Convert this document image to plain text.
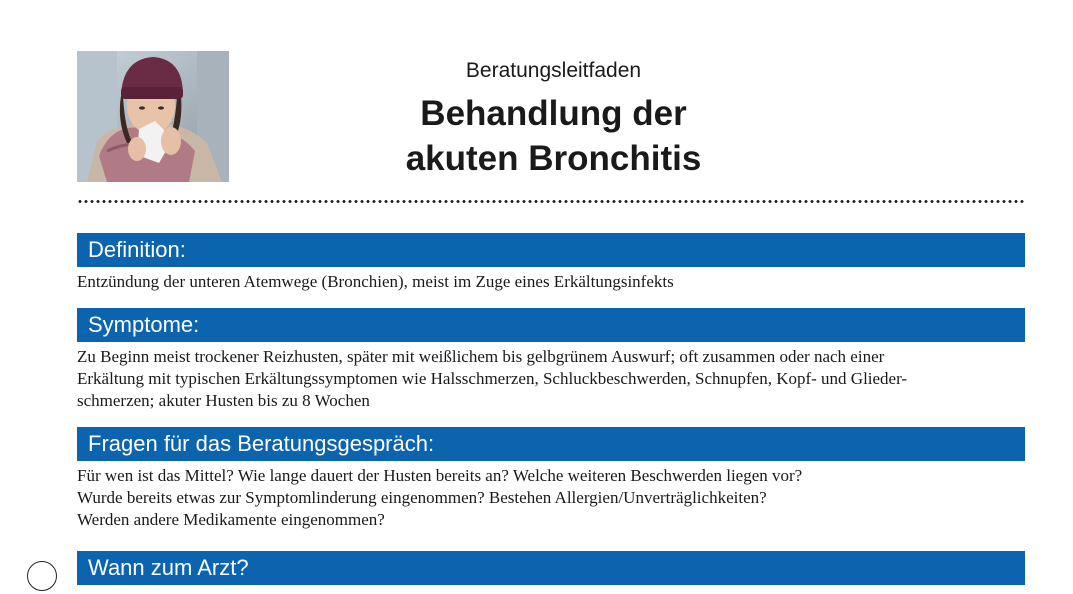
Beratungsleitfaden
Behandlung der
akuten Bronchitis
Definition:

Entzündung der unteren Atemwege (Bronchien), meist im Zuge eines Erkältungsinfekts

Symptome:

Zu Beginn meist trockener Reizhusten, später mit weißlichem bis gelbgrünem Auswurf; oft zusammen oder nach einer

Erkältung mit typischen Erkältungssymptomen wie Halsschmerzen, Schluckbeschwerden, Schnupfen, Kopf- und Glieder-

schmerzen; akuter Husten bis zu 8 Wochen

Fragen für das Beratungsgespräch:

Für wen ist das Mittel? Wie lange dauert der Husten bereits an? Welche weiteren Beschwerden liegen vor?

Wurde bereits etwas zur Symptomlinderung eingenommen? Bestehen Allergien/Unverträglichkeiten?

Werden andere Medikamente eingenommen?

Wann zum Arzt?
